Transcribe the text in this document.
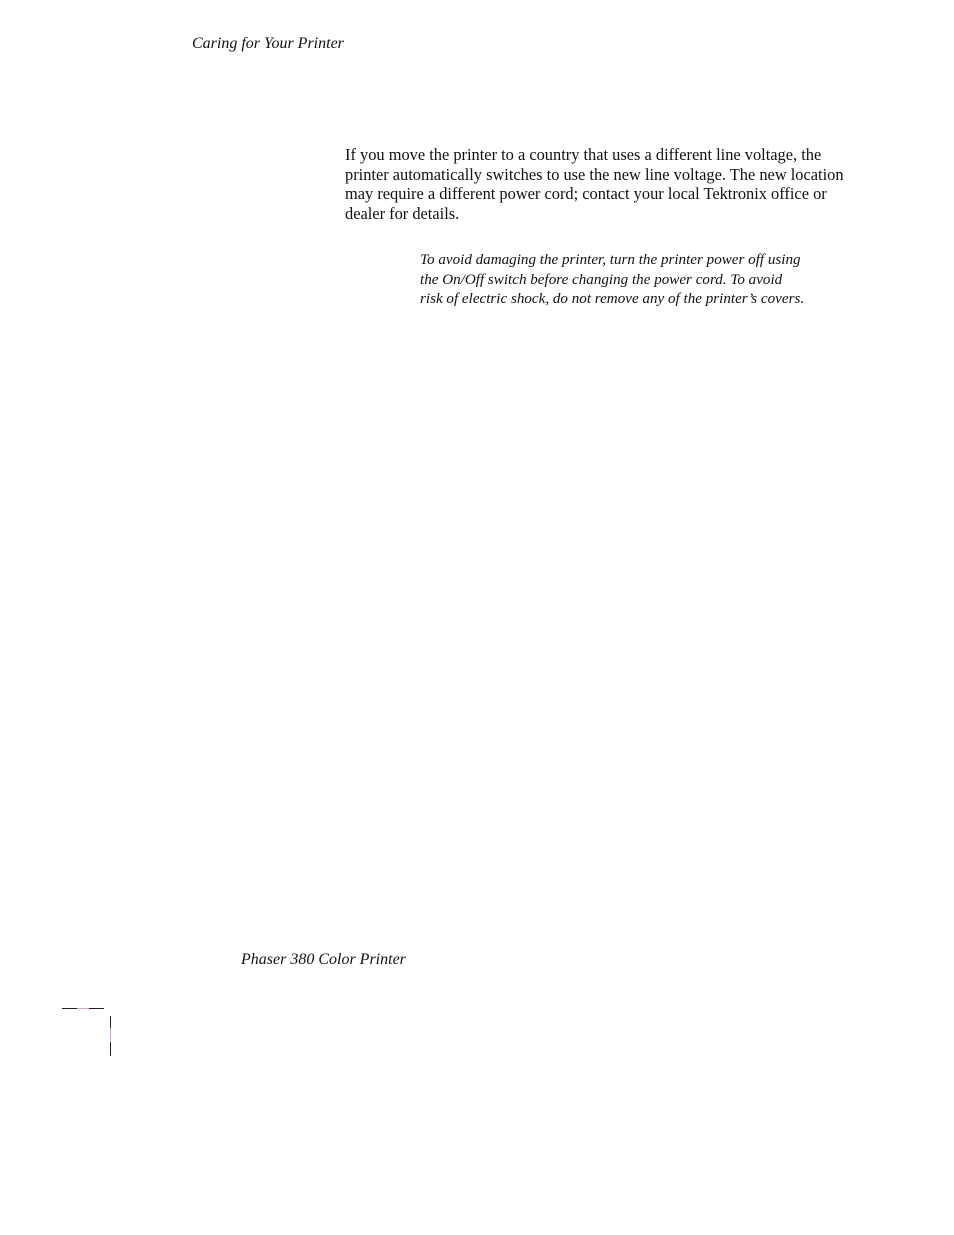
Caring for Your Printer

If you move the printer to a country that uses a different line voltage, the
printer automatically switches to use the new line voltage. The new location
may require a different power cord; contact your local Tektronix office or
dealer for details.

To avoid damaging the printer, turn the printer power off using
the On/Off switch before changing the power cord. To avoid
risk of electric shock, do not remove any of the printer’s covers.

Phaser 380 Color Printer
